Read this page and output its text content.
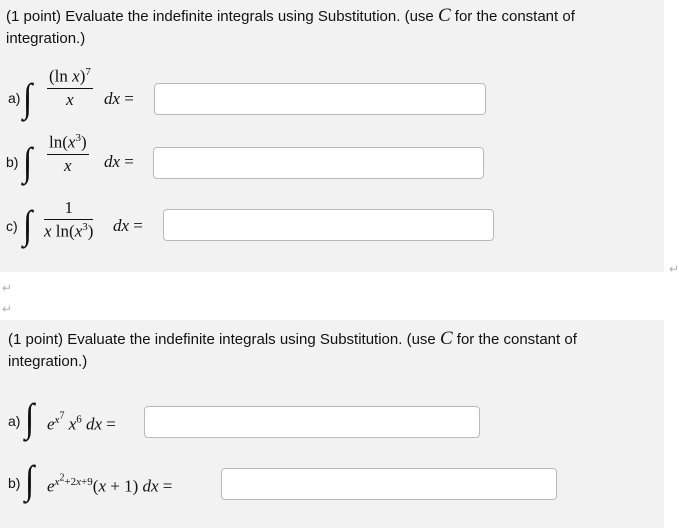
(1 point) Evaluate the indefinite integrals using Substitution. (use C for the constant of integration.)
a) ∫ (ln x)$^7$
x	dx =
b) ∫ $\ln(x^3)$
x	dx =
c) ∫	1
x $\ln(x^3)$ dx =
↵
↵
↵
(1 point) Evaluate the indefinite integrals using Substitution. (use C for the constant of integration.)
a) ∫ $e^{x^7}$ $x^6$ dx =
b) ∫ $e^{x^2+2x+9}(x + 1)$ dx =
